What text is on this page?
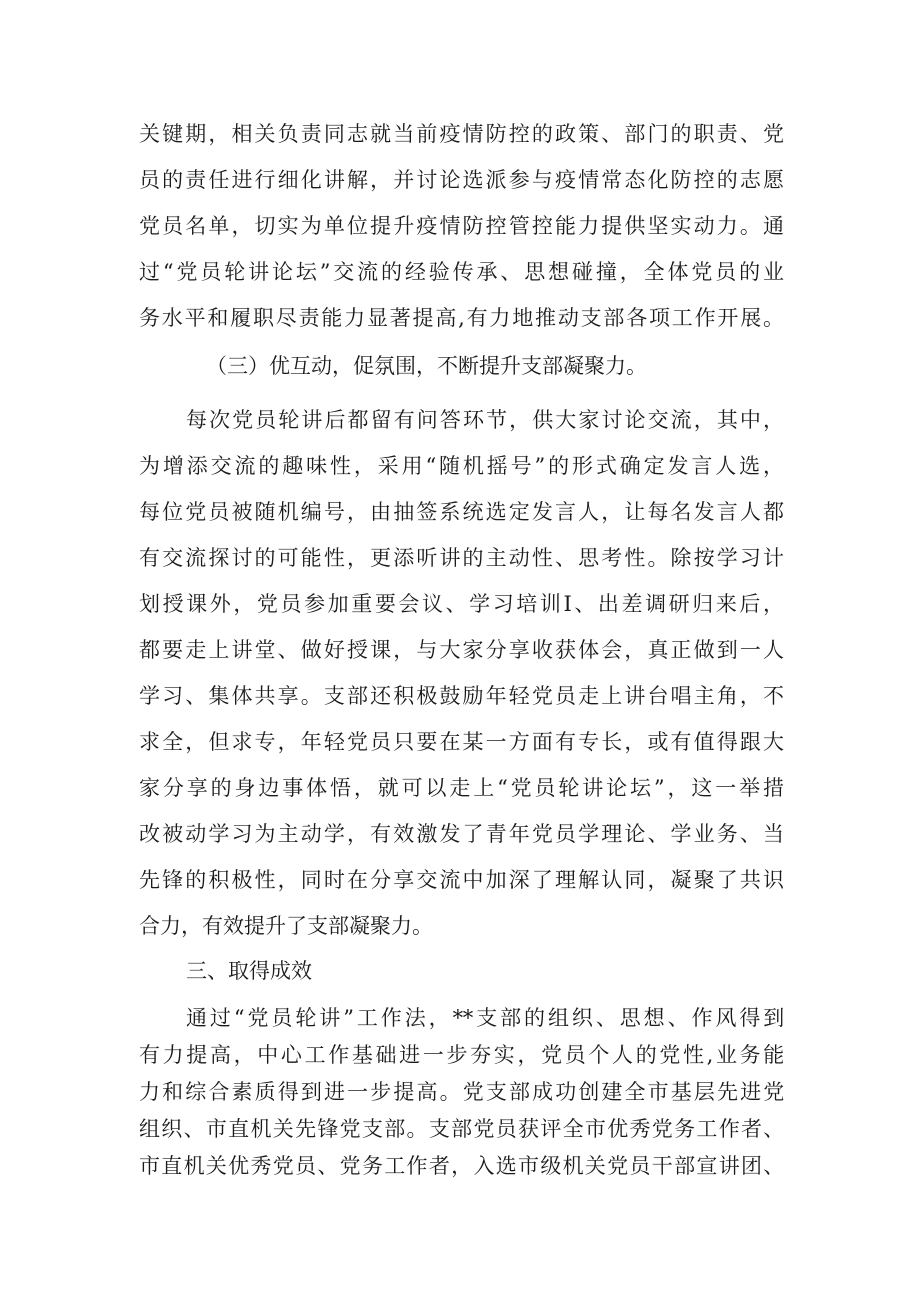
关键期，相关负责同志就当前疫情防控的政策、部门的职责、党
员的责任进行细化讲解，并讨论选派参与疫情常态化防控的志愿
党员名单，切实为单位提升疫情防控管控能力提供坚实动力。通
过“党员轮讲论坛”交流的经验传承、思想碰撞，全体党员的业
务水平和履职尽责能力显著提高,有力地推动支部各项工作开展。
（三）优互动，促氛围，不断提升支部凝聚力。
每次党员轮讲后都留有问答环节，供大家讨论交流，其中，
为增添交流的趣味性，采用“随机摇号”的形式确定发言人选，
每位党员被随机编号，由抽签系统选定发言人，让每名发言人都
有交流探讨的可能性，更添听讲的主动性、思考性。除按学习计
划授课外，党员参加重要会议、学习培训Ⅰ、出差调研归来后，
都要走上讲堂、做好授课，与大家分享收获体会，真正做到一人
学习、集体共享。支部还积极鼓励年轻党员走上讲台唱主角，不
求全，但求专，年轻党员只要在某一方面有专长，或有值得跟大
家分享的身边事体悟，就可以走上“党员轮讲论坛”，这一举措
改被动学习为主动学，有效激发了青年党员学理论、学业务、当
先锋的积极性，同时在分享交流中加深了理解认同，凝聚了共识
合力，有效提升了支部凝聚力。
三、取得成效
通过“党员轮讲”工作法，**支部的组织、思想、作风得到
有力提高，中心工作基础进一步夯实，党员个人的党性,业务能
力和综合素质得到进一步提高。党支部成功创建全市基层先进党
组织、市直机关先锋党支部。支部党员获评全市优秀党务工作者、
市直机关优秀党员、党务工作者，入选市级机关党员干部宣讲团、
